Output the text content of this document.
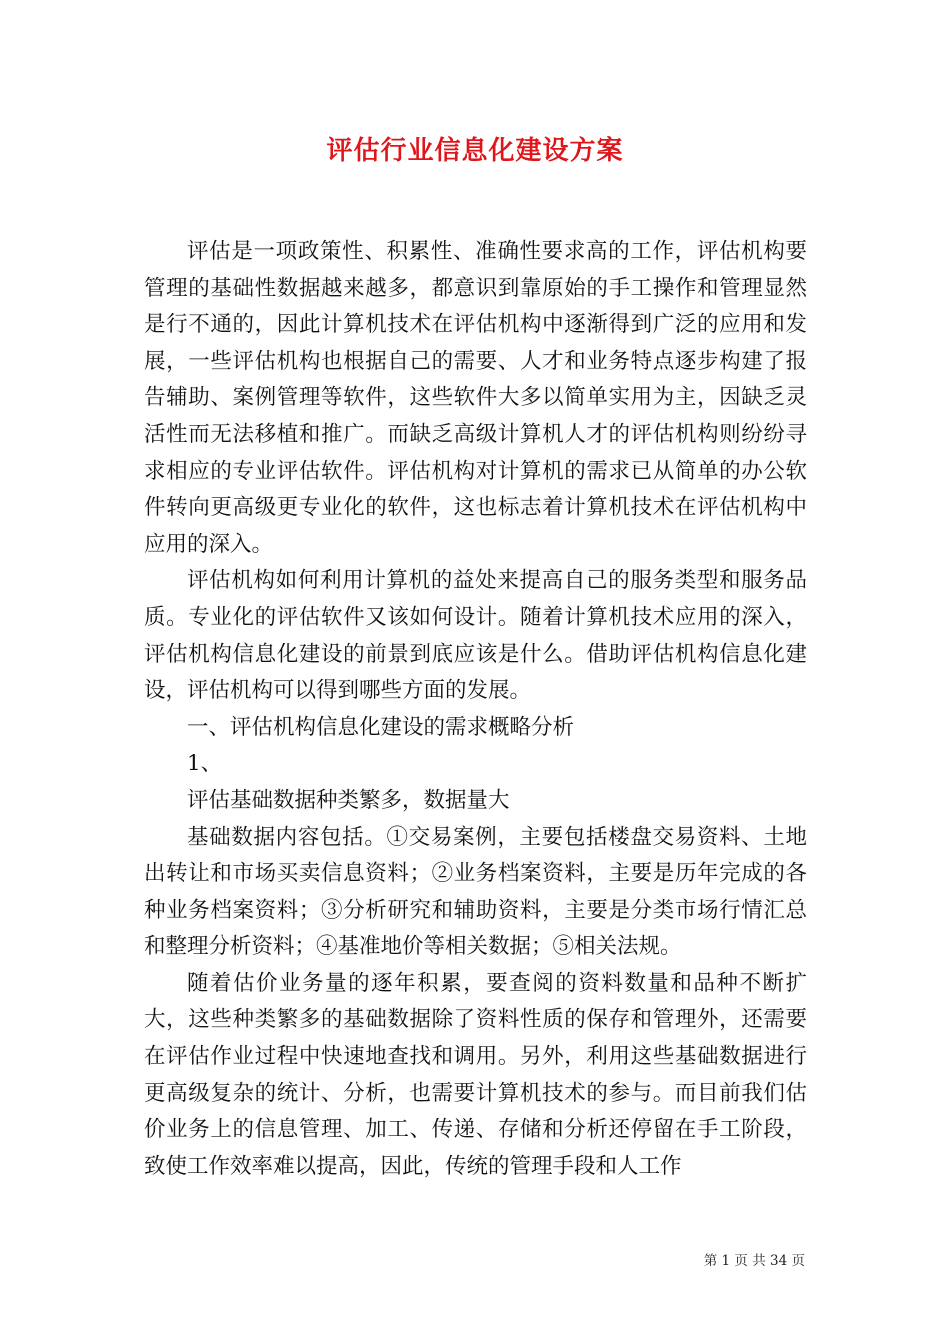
评估行业信息化建设方案

评估是一项政策性、积累性、准确性要求高的工作，评估机构要管理的基础性数据越来越多，都意识到靠原始的手工操作和管理显然是行不通的，因此计算机技术在评估机构中逐渐得到广泛的应用和发展，一些评估机构也根据自己的需要、人才和业务特点逐步构建了报告辅助、案例管理等软件，这些软件大多以简单实用为主，因缺乏灵活性而无法移植和推广。而缺乏高级计算机人才的评估机构则纷纷寻求相应的专业评估软件。评估机构对计算机的需求已从简单的办公软件转向更高级更专业化的软件，这也标志着计算机技术在评估机构中应用的深入。

评估机构如何利用计算机的益处来提高自己的服务类型和服务品质。专业化的评估软件又该如何设计。随着计算机技术应用的深入，评估机构信息化建设的前景到底应该是什么。借助评估机构信息化建设，评估机构可以得到哪些方面的发展。

一、评估机构信息化建设的需求概略分析

1、

评估基础数据种类繁多，数据量大

基础数据内容包括。①交易案例，主要包括楼盘交易资料、土地出转让和市场买卖信息资料；②业务档案资料，主要是历年完成的各种业务档案资料；③分析研究和辅助资料，主要是分类市场行情汇总和整理分析资料；④基准地价等相关数据；⑤相关法规。

随着估价业务量的逐年积累，要查阅的资料数量和品种不断扩大，这些种类繁多的基础数据除了资料性质的保存和管理外，还需要在评估作业过程中快速地查找和调用。另外，利用这些基础数据进行更高级复杂的统计、分析，也需要计算机技术的参与。而目前我们估价业务上的信息管理、加工、传递、存储和分析还停留在手工阶段，致使工作效率难以提高，因此，传统的管理手段和人工作

第 1 页 共 34 页
